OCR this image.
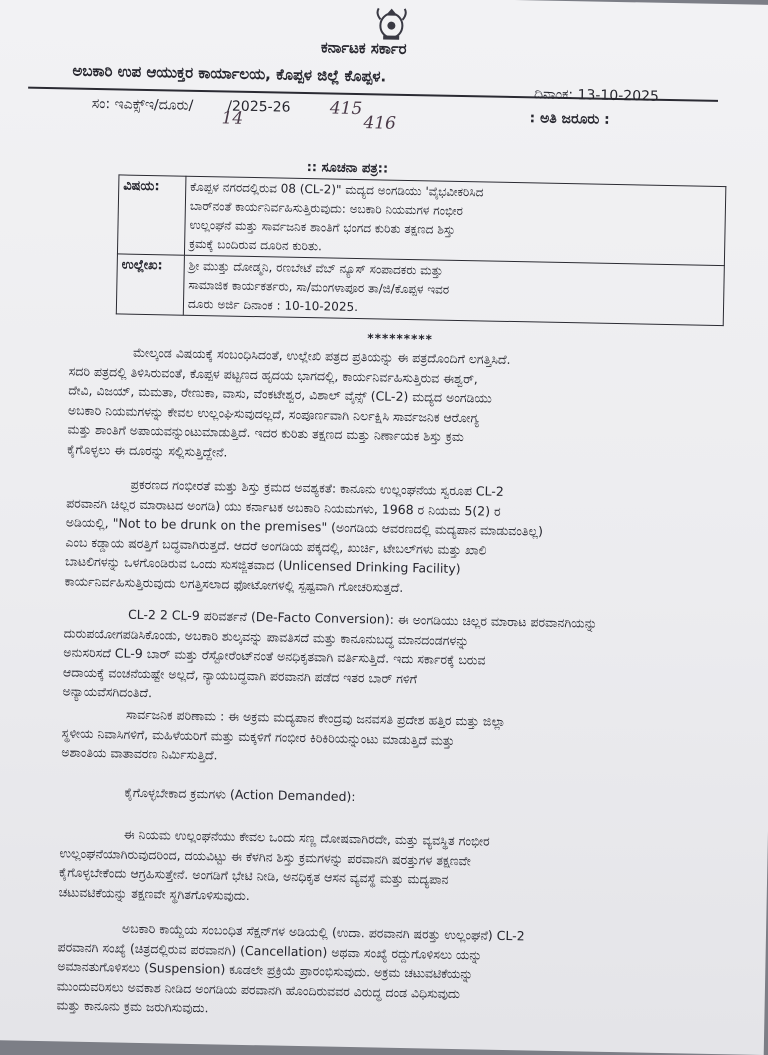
ಕರ್ನಾಟಕ ಸರ್ಕಾರ
ಅಬಕಾರಿ ಉಪ ಆಯುಕ್ತರ ಕಾರ್ಯಾಲಯ, ಕೊಪ್ಪಳ ಜಿಲ್ಲೆ ಕೊಪ್ಪಳ.
ಸಂ: ಇಎಕ್ಸ್‌ಇ/ದೂರು/ /2025-26
14	415
416
ದಿನಾಂಕ: 13-10-2025
: ಅತಿ ಜರೂರು :
:: ಸೂಚನಾ ಪತ್ರ::
ವಿಷಯ:	ಕೊಪ್ಪಳ ನಗರದಲ್ಲಿರುವ 08 (CL-2)" ಮದ್ಯದ ಅಂಗಡಿಯು 'ವೈಭವೀಕರಿಸಿದ
ಬಾರ್‌ನಂತೆ ಕಾರ್ಯನಿರ್ವಹಿಸುತ್ತಿರುವುದು: ಅಬಕಾರಿ ನಿಯಮಗಳ ಗಂಭೀರ
ಉಲ್ಲಂಘನೆ ಮತ್ತು ಸಾರ್ವಜನಿಕ ಶಾಂತಿಗೆ ಭಂಗದ ಕುರಿತು ತಕ್ಷಣದ ಶಿಸ್ತು
ಕ್ರಮಕ್ಕೆ ಬಂದಿರುವ ದೂರಿನ ಕುರಿತು.

ಉಲ್ಲೇಖ:	ಶ್ರೀ ಮುತ್ತು ದೋಡ್ಮನಿ, ರಣಬೇಟೆ ವೆಬ್ ನ್ಯೂಸ್ ಸಂಪಾದಕರು ಮತ್ತು
ಸಾಮಾಜಿಕ ಕಾರ್ಯಕರ್ತರು, ಸಾ/ಮಂಗಳಾಪೂರ ತಾ/ಜಿ/ಕೊಪ್ಪಳ ಇವರ
ದೂರು ಅರ್ಜಿ ದಿನಾಂಕ : 10-10-2025.
*********
ಮೇಲ್ಕಂಡ ವಿಷಯಕ್ಕೆ ಸಂಬಂಧಿಸಿದಂತೆ, ಉಲ್ಲೇಖಿ ಪತ್ರದ ಪ್ರತಿಯನ್ನು ಈ ಪತ್ರದೊಂದಿಗೆ ಲಗತ್ತಿಸಿದೆ.
ಸದರಿ ಪತ್ರದಲ್ಲಿ ತಿಳಿಸಿರುವಂತೆ, ಕೊಪ್ಪಳ ಪಟ್ಟಣದ ಹೃದಯ ಭಾಗದಲ್ಲಿ, ಕಾರ್ಯನಿರ್ವಹಿಸುತ್ತಿರುವ ಈಶ್ವರ್,
ದೇವಿ, ವಿಜಯ್, ಮಮತಾ, ರೇಣುಕಾ, ವಾಸು, ವೆಂಕಟೇಶ್ವರ, ವಿಶಾಲ್ ವೈನ್ಸ್ (CL-2) ಮದ್ಯದ ಅಂಗಡಿಯು
ಅಬಕಾರಿ ನಿಯಮಗಳನ್ನು ಕೇವಲ ಉಲ್ಲಂಘಿಸುವುದಲ್ಲದೆ, ಸಂಪೂರ್ಣವಾಗಿ ನಿರ್ಲಕ್ಷಿಸಿ ಸಾರ್ವಜನಿಕ ಆರೋಗ್ಯ
ಮತ್ತು ಶಾಂತಿಗೆ ಅಪಾಯವನ್ನುಂಟುಮಾಡುತ್ತಿದೆ. ಇದರ ಕುರಿತು ತಕ್ಷಣದ ಮತ್ತು ನಿರ್ಣಾಯಕ ಶಿಸ್ತು ಕ್ರಮ
ಕೈಗೊಳ್ಳಲು ಈ ದೂರನ್ನು ಸಲ್ಲಿಸುತ್ತಿದ್ದೇನೆ.
ಪ್ರಕರಣದ ಗಂಭೀರತೆ ಮತ್ತು ಶಿಸ್ತು ಕ್ರಮದ ಅವಶ್ಯಕತೆ: ಕಾನೂನು ಉಲ್ಲಂಘನೆಯ ಸ್ವರೂಪ CL-2
ಪರವಾನಗಿ ಚಿಲ್ಲರ ಮಾರಾಟದ ಅಂಗಡಿ) ಯು ಕರ್ನಾಟಕ ಅಬಕಾರಿ ನಿಯಮಗಳು, 1968 ರ ನಿಯಮ 5(2) ರ
ಅಡಿಯಲ್ಲಿ, "Not to be drunk on the premises" (ಅಂಗಡಿಯ ಆವರಣದಲ್ಲಿ ಮದ್ಯಪಾನ ಮಾಡುವಂತಿಲ್ಲ)
ಎಂಬ ಕಡ್ಡಾಯ ಷರತ್ತಿಗೆ ಬದ್ಧವಾಗಿರುತ್ತದೆ. ಆದರೆ ಅಂಗಡಿಯ ಪಕ್ಕದಲ್ಲಿ, ಖುರ್ಚಿ, ಟೇಬಲ್‌ಗಳು ಮತ್ತು ಖಾಲಿ
ಬಾಟಲಿಗಳನ್ನು ಒಳಗೊಂಡಿರುವ ಒಂದು ಸುಸಜ್ಜಿತವಾದ (Unlicensed Drinking Facility)
ಕಾರ್ಯನಿರ್ವಹಿಸುತ್ತಿರುವುದು ಲಗತ್ತಿಸಲಾದ ಫೋಟೋಗಳಲ್ಲಿ ಸ್ಪಷ್ಟವಾಗಿ ಗೋಚರಿಸುತ್ತದೆ.
CL-2 2 CL-9 ಪರಿವರ್ತನೆ (De-Facto Conversion): ಈ ಅಂಗಡಿಯು ಚಿಲ್ಲರ ಮಾರಾಟ ಪರವಾನಗಿಯನ್ನು
ದುರುಪಯೋಗಪಡಿಸಿಕೊಂಡು, ಅಬಕಾರಿ ಶುಲ್ಕವನ್ನು ಪಾವತಿಸದೆ ಮತ್ತು ಕಾನೂನುಬದ್ಧ ಮಾನದಂಡಗಳನ್ನು
ಅನುಸರಿಸದೆ CL-9 ಬಾರ್ ಮತ್ತು ರೆಸ್ಟೋರೆಂಟ್‌ನಂತೆ ಅನಧಿಕೃತವಾಗಿ ವರ್ತಿಸುತ್ತಿದೆ. ಇದು ಸರ್ಕಾರಕ್ಕೆ ಬರುವ
ಆದಾಯಕ್ಕೆ ವಂಚನೆಯಷ್ಟೇ ಅಲ್ಲದೆ, ನ್ಯಾಯಬದ್ಧವಾಗಿ ಪರವಾನಗಿ ಪಡೆದ ಇತರ ಬಾರ್ ಗಳಿಗೆ
ಅನ್ಯಾಯವೆಸಗಿದಂತಿದೆ.
ಸಾರ್ವಜನಿಕ ಪರಿಣಾಮ : ಈ ಅಕ್ರಮ ಮದ್ಯಪಾನ ಕೇಂದ್ರವು ಜನವಸತಿ ಪ್ರದೇಶ ಹತ್ತಿರ ಮತ್ತು ಜಿಲ್ಲಾ
ಸ್ಥಳೀಯ ನಿವಾಸಿಗಳಿಗೆ, ಮಹಿಳೆಯರಿಗೆ ಮತ್ತು ಮಕ್ಕಳಿಗೆ ಗಂಭೀರ ಕಿರಿಕಿರಿಯನ್ನುಂಟು ಮಾಡುತ್ತಿದೆ ಮತ್ತು
ಅಶಾಂತಿಯ ವಾತಾವರಣ ನಿರ್ಮಿಸುತ್ತಿದೆ.
ಕೈಗೊಳ್ಳಬೇಕಾದ ಕ್ರಮಗಳು (Action Demanded):
ಈ ನಿಯಮ ಉಲ್ಲಂಘನೆಯು ಕೇವಲ ಒಂದು ಸಣ್ಣ ದೋಷವಾಗಿರದೇ, ಮತ್ತು ವ್ಯವಸ್ಥಿತ ಗಂಭೀರ
ಉಲ್ಲಂಘನೆಯಾಗಿರುವುದರಿಂದ, ದಯವಿಟ್ಟು ಈ ಕೆಳಗಿನ ಶಿಸ್ತು ಕ್ರಮಗಳನ್ನು ಪರವಾನಗಿ ಷರತ್ತುಗಳ ತಕ್ಷಣವೇ
ಕೈಗೊಳ್ಳಬೇಕೆಂದು ಆಗ್ರಹಿಸುತ್ತೇನೆ. ಅಂಗಡಿಗೆ ಭೇಟಿ ನೀಡಿ, ಅನಧಿಕೃತ ಆಸನ ವ್ಯವಸ್ಥೆ ಮತ್ತು ಮದ್ಯಪಾನ
ಚಟುವಟಿಕೆಯನ್ನು ತಕ್ಷಣವೇ ಸ್ಥಗಿತಗೊಳಿಸುವುದು.
ಅಬಕಾರಿ ಕಾಯ್ದೆಯ ಸಂಬಂಧಿತ ಸೆಕ್ಷನ್‌ಗಳ ಅಡಿಯಲ್ಲಿ (ಉದಾ. ಪರವಾನಗಿ ಷರತ್ತು ಉಲ್ಲಂಘನೆ) CL-2
ಪರವಾನಗಿ ಸಂಖ್ಯೆ (ಚಿತ್ರದಲ್ಲಿರುವ ಪರವಾನಗಿ) (Cancellation) ಅಥವಾ ಸಂಖ್ಯೆ ರದ್ದುಗೊಳಿಸಲು ಯನ್ನು
ಅಮಾನತುಗೊಳಿಸಲು (Suspension) ಕೂಡಲೇ ಪ್ರಕ್ರಿಯೆ ಪ್ರಾರಂಭಿಸುವುದು. ಅಕ್ರಮ ಚಟುವಟಿಕೆಯನ್ನು
ಮುಂದುವರಿಸಲು ಅವಕಾಶ ನೀಡಿದ ಅಂಗಡಿಯ ಪರವಾನಗಿ ಹೊಂದಿರುವವರ ವಿರುದ್ಧ ದಂಡ ವಿಧಿಸುವುದು
ಮತ್ತು ಕಾನೂನು ಕ್ರಮ ಜರುಗಿಸುವುದು.
